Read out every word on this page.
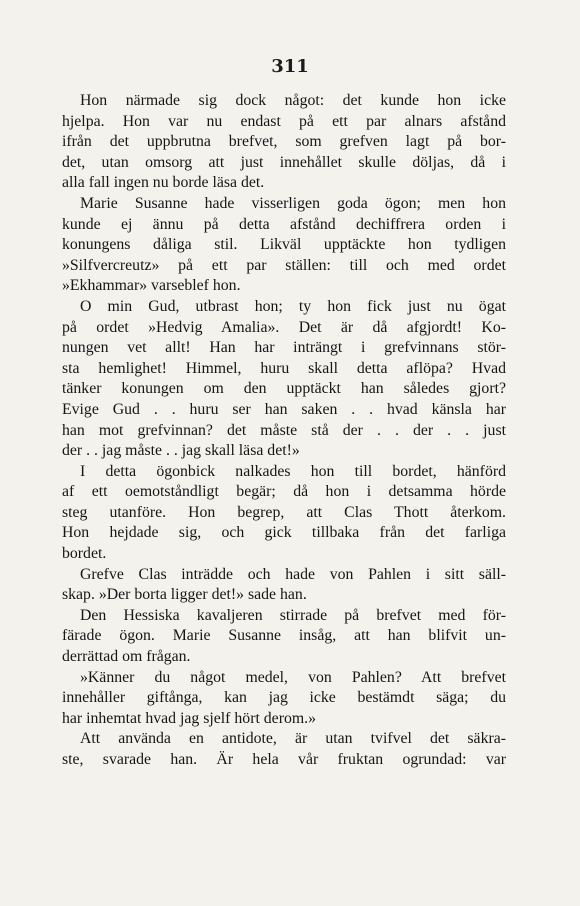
311

Hon närmade sig dock något: det kunde hon icke
hjelpa. Hon var nu endast på ett par alnars afstånd
ifrån det uppbrutna brefvet, som grefven lagt på bor-
det, utan omsorg att just innehållet skulle döljas, då i
alla fall ingen nu borde läsa det.
Marie Susanne hade visserligen goda ögon; men hon
kunde ej ännu på detta afstånd dechiffrera orden i
konungens dåliga stil. Likväl upptäckte hon tydligen
»Silfvercreutz» på ett par ställen: till och med ordet
»Ekhammar» varseblef hon.
O min Gud, utbrast hon; ty hon fick just nu ögat
på ordet »Hedvig Amalia». Det är då afgjordt! Ko-
nungen vet allt! Han har inträngt i grefvinnans stör-
sta hemlighet! Himmel, huru skall detta aflöpa? Hvad
tänker konungen om den upptäckt han således gjort?
Evige Gud . . huru ser han saken . . hvad känsla har
han mot grefvinnan? det måste stå der . . der . . just
der . . jag måste . . jag skall läsa det!»
I detta ögonbick nalkades hon till bordet, hänförd
af ett oemotståndligt begär; då hon i detsamma hörde
steg utanföre. Hon begrep, att Clas Thott återkom.
Hon hejdade sig, och gick tillbaka från det farliga
bordet.
Grefve Clas inträdde och hade von Pahlen i sitt säll-
skap. »Der borta ligger det!» sade han.
Den Hessiska kavaljeren stirrade på brefvet med för-
färade ögon. Marie Susanne insåg, att han blifvit un-
derrättad om frågan.
»Känner du något medel, von Pahlen? Att brefvet
innehåller giftånga, kan jag icke bestämdt säga; du
har inhemtat hvad jag sjelf hört derom.»
Att använda en antidote, är utan tvifvel det säkra-
ste, svarade han. Är hela vår fruktan ogrundad: var
